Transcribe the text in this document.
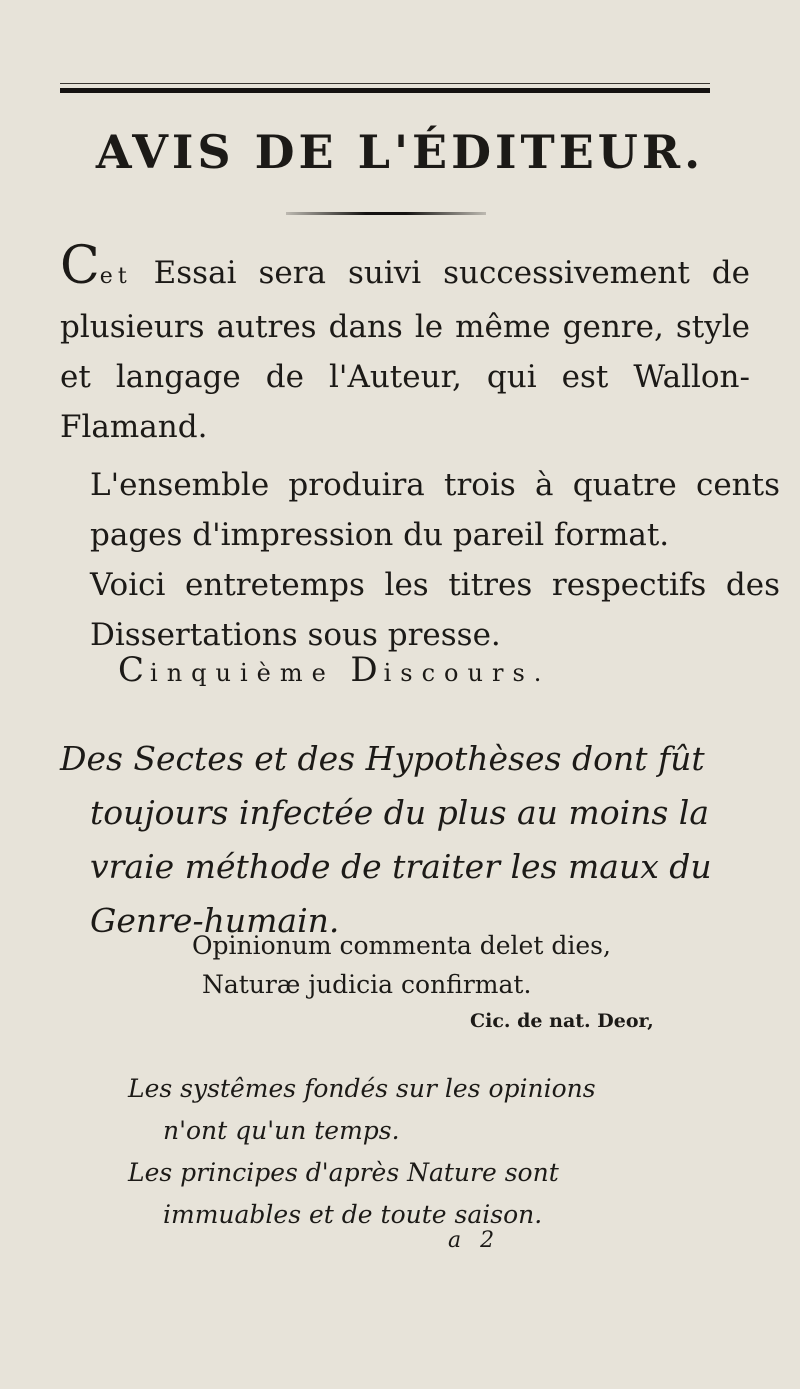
AVIS DE L'ÉDITEUR.
Cet Essai sera suivi successivement de plusieurs autres dans le même genre, style et langage de l'Auteur, qui est Wallon-Flamand.
L'ensemble produira trois à quatre cents pages d'impression du pareil format.
Voici entretemps les titres respectifs des Dissertations sous presse.
Cinquième Discours.
Des Sectes et des Hypothèses dont fût
toujours infectée du plus au moins la
vraie méthode de traiter les maux du
Genre-humain.
Opinionum commenta delet dies,
Naturæ judicia confirmat.
Cic. de nat. Deor,
Les systêmes fondés sur les opinions
n'ont qu'un temps.
Les principes d'après Nature sont
immuables et de toute saison.
a 2
